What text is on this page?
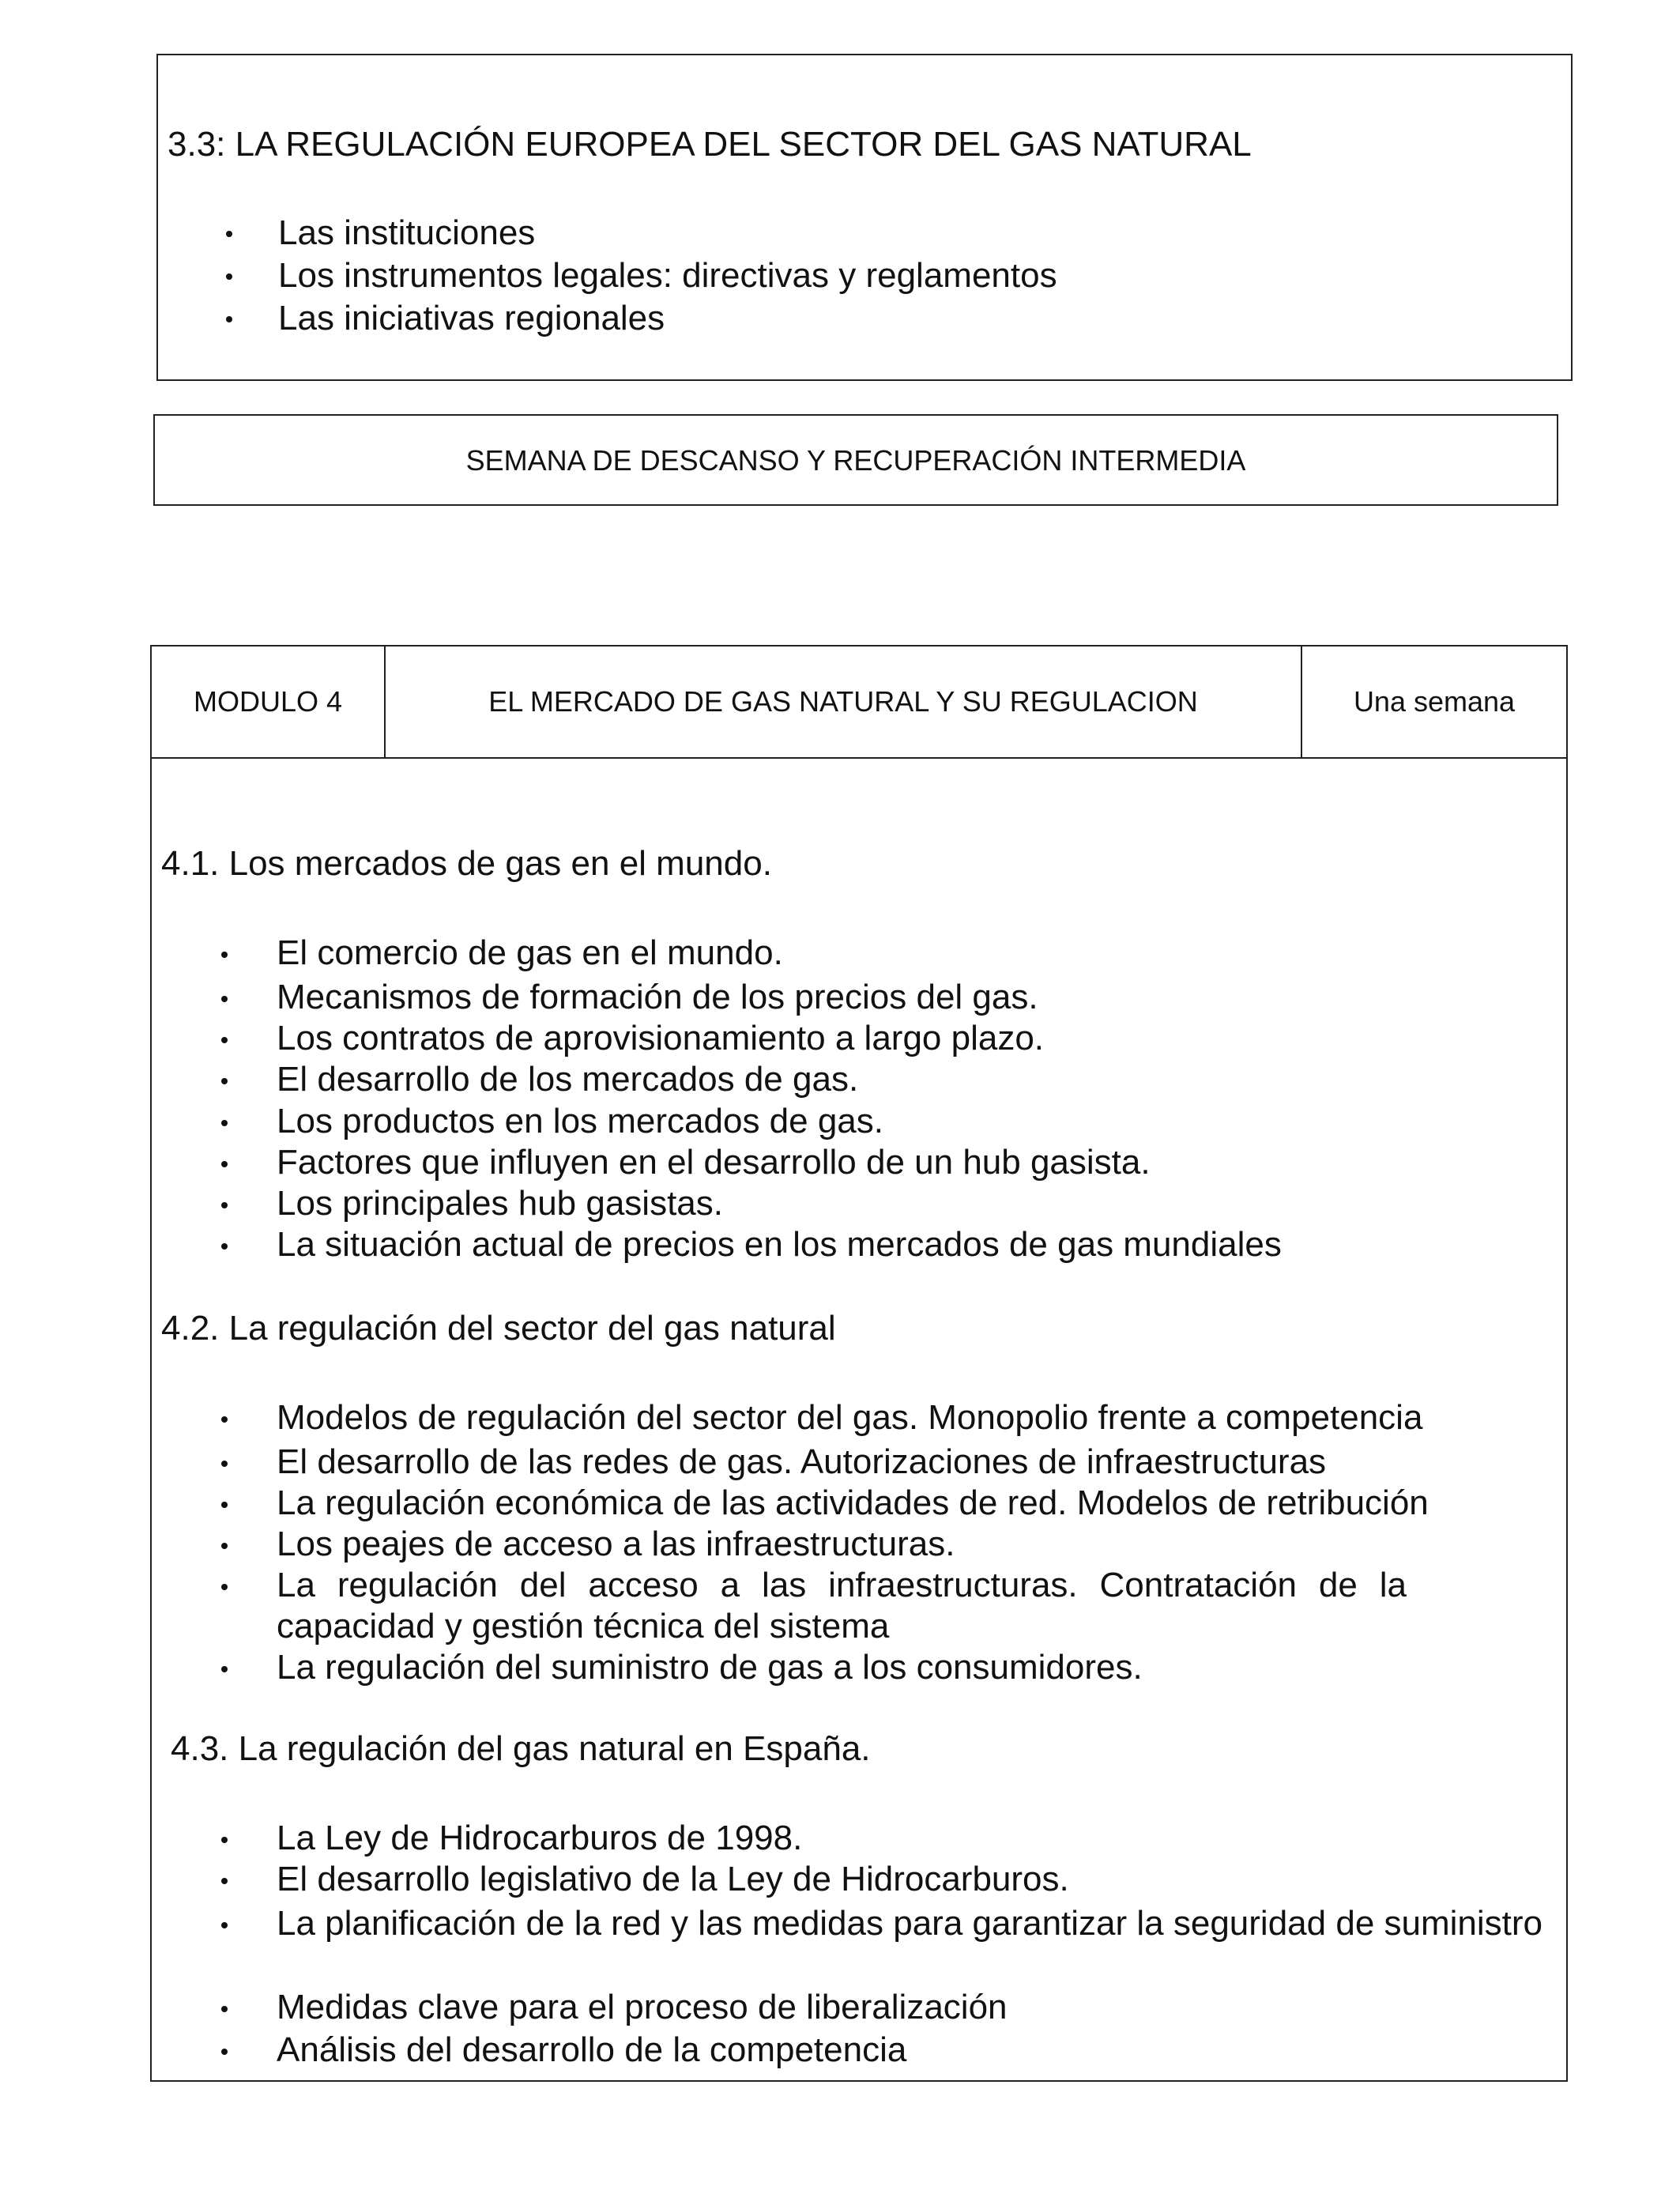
3.3: LA REGULACIÓN EUROPEA DEL SECTOR DEL GAS NATURAL
Las instituciones
Los instrumentos legales: directivas y reglamentos
Las iniciativas regionales
SEMANA DE DESCANSO Y RECUPERACIÓN INTERMEDIA
MODULO 4	EL MERCADO DE GAS NATURAL Y SU REGULACION	Una semana
4.1. Los mercados de gas en el mundo.
El comercio de gas en el mundo.
Mecanismos de formación de los precios del gas.
Los contratos de aprovisionamiento a largo plazo.
El desarrollo de los mercados de gas.
Los productos en los mercados de gas.
Factores que influyen en el desarrollo de un hub gasista.
Los principales hub gasistas.
La situación actual de precios en los mercados de gas mundiales
4.2. La regulación del sector del gas natural
Modelos de regulación del sector del gas. Monopolio frente a competencia
El desarrollo de las redes de gas. Autorizaciones de infraestructuras
La regulación económica de las actividades de red. Modelos de retribución
Los peajes de acceso a las infraestructuras.
La regulación del acceso a las infraestructuras. Contratación de la capacidad y gestión técnica del sistema
La regulación del suministro de gas a los consumidores.
4.3. La regulación del gas natural en España.
La Ley de Hidrocarburos de 1998.
El desarrollo legislativo de la Ley de Hidrocarburos.
La planificación de la red y las medidas para garantizar la seguridad de suministro
Medidas clave para el proceso de liberalización
Análisis del desarrollo de la competencia
